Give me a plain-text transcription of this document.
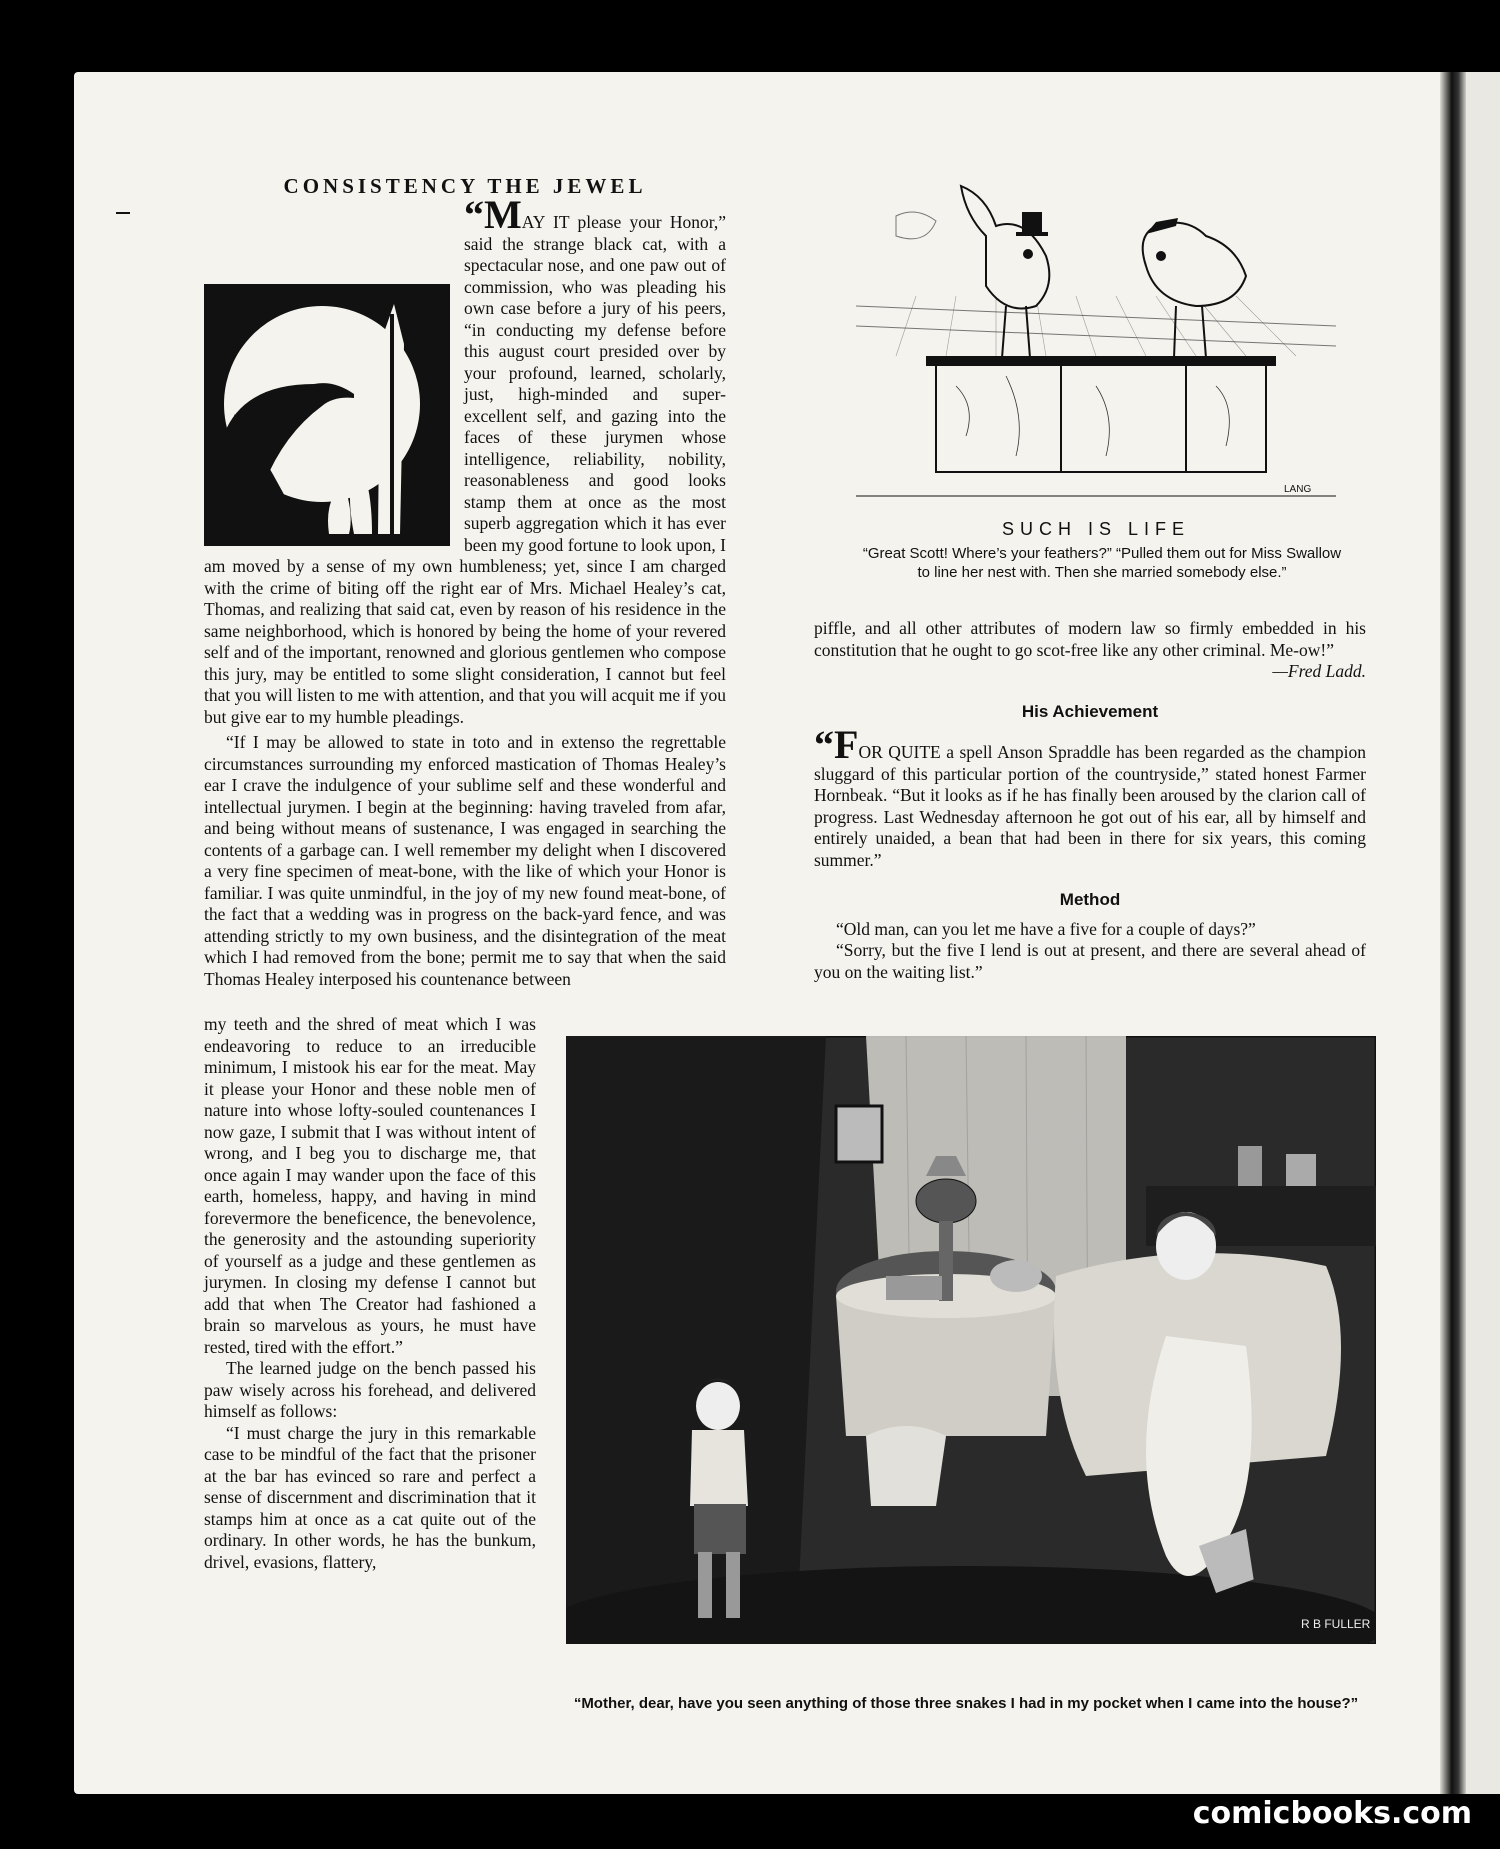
CONSISTENCY THE JEWEL

“MAY IT please your Honor,” said the strange black cat, with a spectacular nose, and one paw out of commission, who was pleading his own case before a jury of his peers, “in conducting my defense before this august court presided over by your profound, learned, scholarly, just, high-minded and super-excellent self, and gazing into the faces of these jurymen whose intelligence, reliability, nobility, reasonableness and good looks stamp them at once as the most superb aggregation which it has ever been my good fortune to look upon, I am moved by a sense of my own humbleness; yet, since I am charged with the crime of biting off the right ear of Mrs. Michael Healey’s cat, Thomas, and realizing that said cat, even by reason of his residence in the same neighborhood, which is honored by being the home of your revered self and of the important, renowned and glorious gentlemen who compose this jury, may be entitled to some slight consideration, I cannot but feel that you will listen to me with attention, and that you will acquit me if you but give ear to my humble pleadings.

“If I may be allowed to state in toto and in extenso the regrettable circumstances surrounding my enforced mastication of Thomas Healey’s ear I crave the indulgence of your sublime self and these wonderful and intellectual jurymen. I begin at the beginning: having traveled from afar, and being without means of sustenance, I was engaged in searching the contents of a garbage can. I well remember my delight when I discovered a very fine specimen of meat-bone, with the like of which your Honor is familiar. I was quite unmindful, in the joy of my new found meat-bone, of the fact that a wedding was in progress on the back-yard fence, and was attending strictly to my own business, and the disintegration of the meat which I had removed from the bone; permit me to say that when the said Thomas Healey interposed his countenance between

my teeth and the shred of meat which I was endeavoring to reduce to an irreducible minimum, I mistook his ear for the meat. May it please your Honor and these noble men of nature into whose lofty-souled countenances I now gaze, I submit that I was without intent of wrong, and I beg you to discharge me, that once again I may wander upon the face of this earth, homeless, happy, and having in mind forevermore the beneficence, the benevolence, the generosity and the astounding superiority of yourself as a judge and these gentlemen as jurymen. In closing my defense I cannot but add that when The Creator had fashioned a brain so marvelous as yours, he must have rested, tired with the effort.”

The learned judge on the bench passed his paw wisely across his forehead, and delivered himself as follows:

“I must charge the jury in this remarkable case to be mindful of the fact that the prisoner at the bar has evinced so rare and perfect a sense of discernment and discrimination that it stamps him at once as a cat quite out of the ordinary. In other words, he has the bunkum, drivel, evasions, flattery,

LANG
SUCH IS LIFE
“Great Scott! Where’s your feathers?” “Pulled them out for Miss Swallow to line her nest with. Then she married somebody else.”

piffle, and all other attributes of modern law so firmly embedded in his constitution that he ought to go scot-free like any other criminal. Me-ow!”

—Fred Ladd.
His Achievement

“FOR QUITE a spell Anson Spraddle has been regarded as the champion sluggard of this particular portion of the countryside,” stated honest Farmer Hornbeak. “But it looks as if he has finally been aroused by the clarion call of progress. Last Wednesday afternoon he got out of his ear, all by himself and entirely unaided, a bean that had been in there for six years, this coming summer.”

Method

“Old man, can you let me have a five for a couple of days?”

“Sorry, but the five I lend is out at present, and there are several ahead of you on the waiting list.”

R B FULLER
“Mother, dear, have you seen anything of those three snakes I had in my pocket when I came into the house?”
comicbooks.com
